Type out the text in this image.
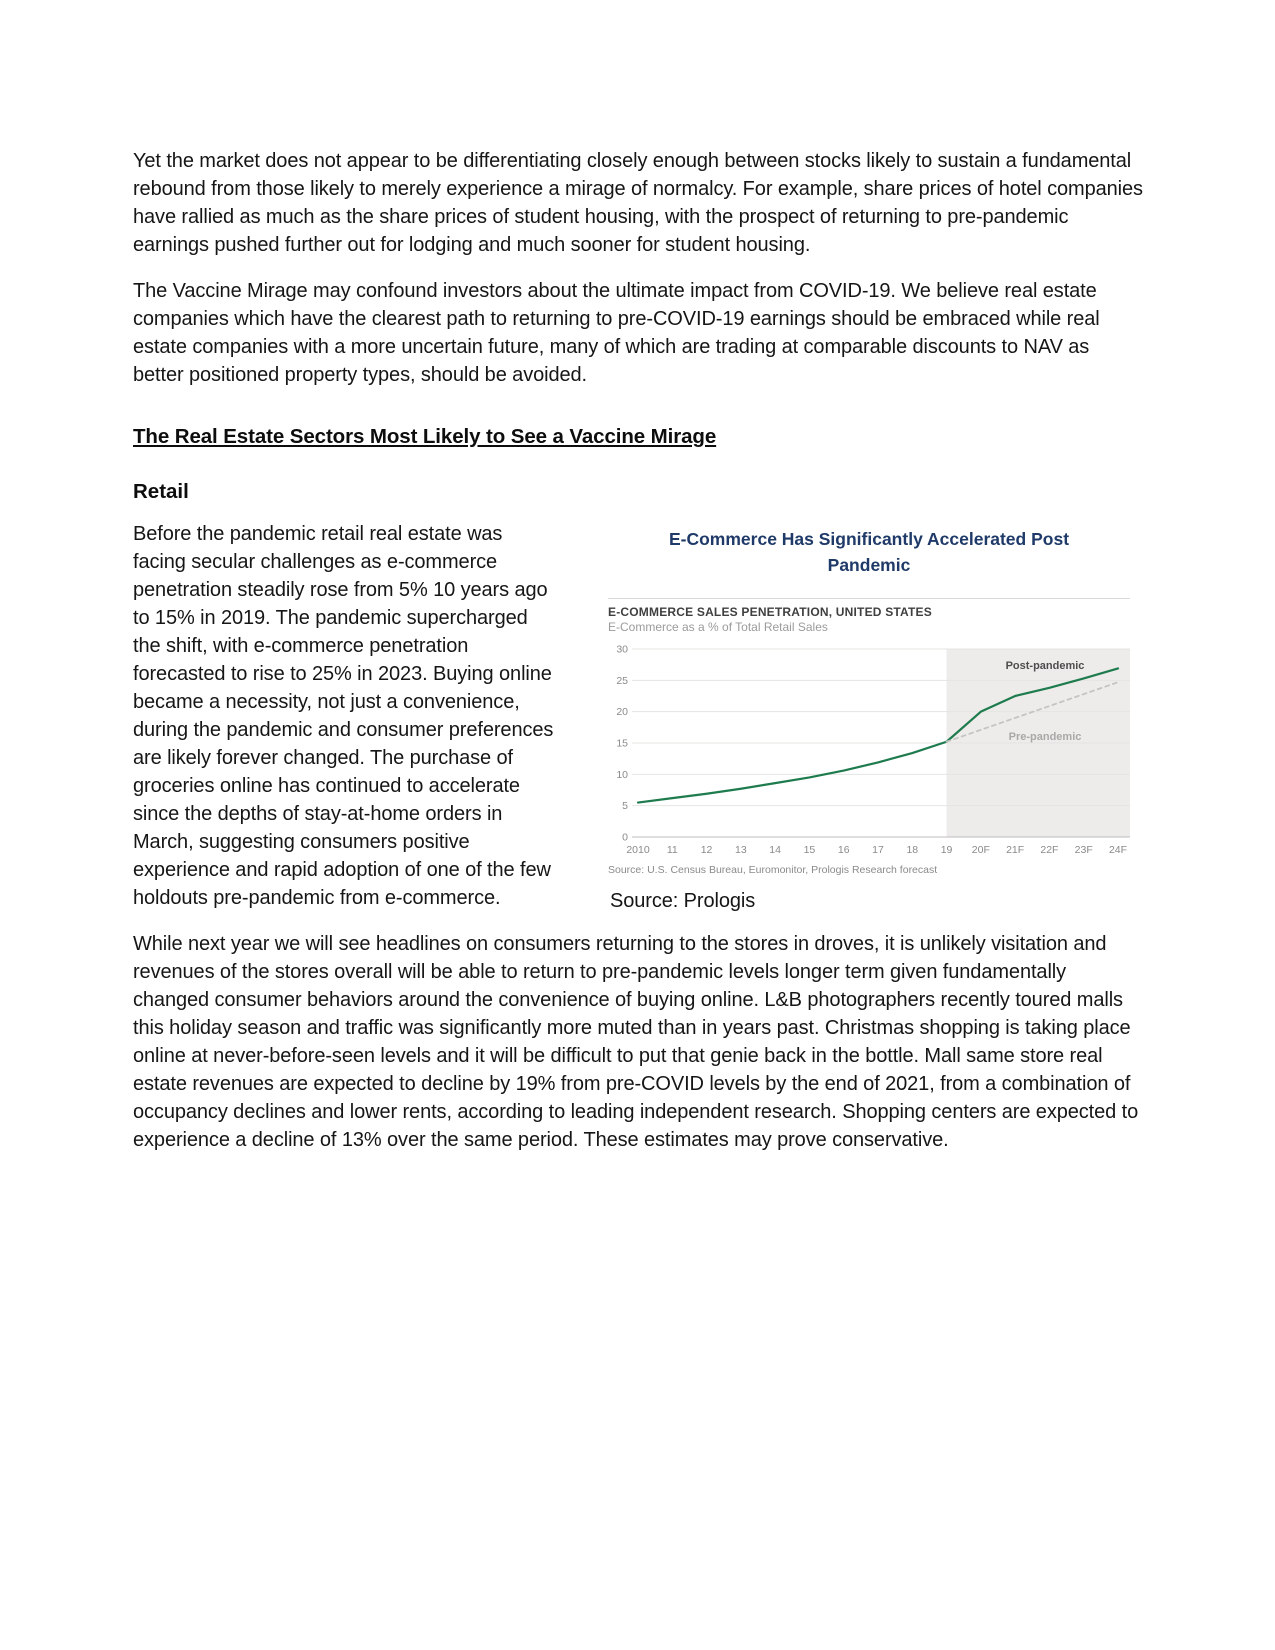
Yet the market does not appear to be differentiating closely enough between stocks likely to sustain a fundamental rebound from those likely to merely experience a mirage of normalcy. For example, share prices of hotel companies have rallied as much as the share prices of student housing, with the prospect of returning to pre-pandemic earnings pushed further out for lodging and much sooner for student housing.

The Vaccine Mirage may confound investors about the ultimate impact from COVID-19. We believe real estate companies which have the clearest path to returning to pre-COVID-19 earnings should be embraced while real estate companies with a more uncertain future, many of which are trading at comparable discounts to NAV as better positioned property types, should be avoided.

The Real Estate Sectors Most Likely to See a Vaccine Mirage
Retail

Before the pandemic retail real estate was facing secular challenges as e-commerce penetration steadily rose from 5% 10 years ago to 15% in 2019. The pandemic supercharged the shift, with e-commerce penetration forecasted to rise to 25% in 2023. Buying online became a necessity, not just a convenience, during the pandemic and consumer preferences are likely forever changed. The purchase of groceries online has continued to accelerate since the depths of stay-at-home orders in March, suggesting consumers positive experience and rapid adoption of one of the few holdouts pre-pandemic from e-commerce.

E-Commerce Has Significantly Accelerated Post Pandemic
E-COMMERCE SALES PENETRATION, UNITED STATES
E-Commerce as a % of Total Retail Sales
0
5
10
15
20
25
30
2010 11 12 13 14 15 16 17 18 19 20F 21F 22F 23F 24F
Post-pandemic
Pre-pandemic
Source: U.S. Census Bureau, Euromonitor, Prologis Research forecast

Source: Prologis

While next year we will see headlines on consumers returning to the stores in droves, it is unlikely visitation and revenues of the stores overall will be able to return to pre-pandemic levels longer term given fundamentally changed consumer behaviors around the convenience of buying online. L&B photographers recently toured malls this holiday season and traffic was significantly more muted than in years past. Christmas shopping is taking place online at never-before-seen levels and it will be difficult to put that genie back in the bottle. Mall same store real estate revenues are expected to decline by 19% from pre-COVID levels by the end of 2021, from a combination of occupancy declines and lower rents, according to leading independent research. Shopping centers are expected to experience a decline of 13% over the same period. These estimates may prove conservative.
